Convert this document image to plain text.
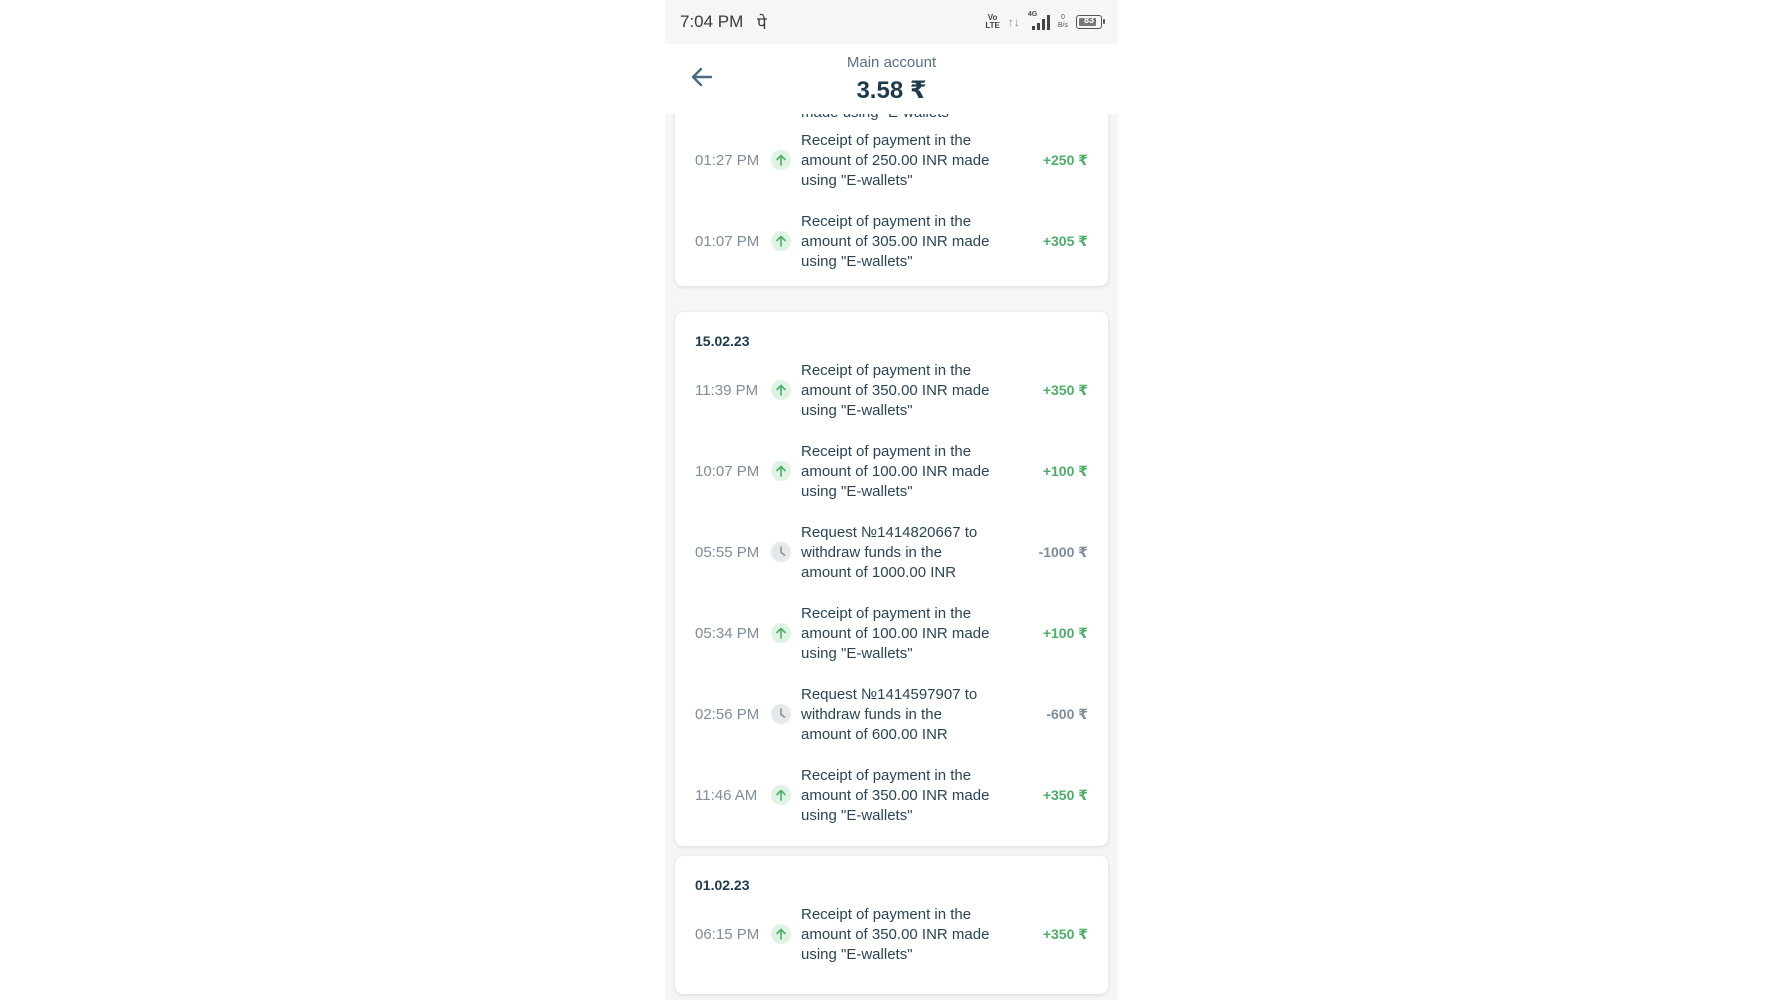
7:04 PM पे	Vo
LTE ↑↓
4G	0
B/s
83
Main account
3.58 ₹
01:27 PM
Receipt of payment in the amount of 250.00 INR made using "E-wallets"
+250 ₹
01:07 PM
Receipt of payment in the amount of 305.00 INR made using "E-wallets"
+305 ₹
15.02.23
11:39 PM
Receipt of payment in the amount of 350.00 INR made using "E-wallets"
+350 ₹
10:07 PM
Receipt of payment in the amount of 100.00 INR made using "E-wallets"
+100 ₹
05:55 PM
Request №1414820667 to withdraw funds in the amount of 1000.00 INR
-1000 ₹
05:34 PM
Receipt of payment in the amount of 100.00 INR made using "E-wallets"
+100 ₹
02:56 PM
Request №1414597907 to withdraw funds in the amount of 600.00 INR
-600 ₹
11:46 AM
Receipt of payment in the amount of 350.00 INR made using "E-wallets"
+350 ₹
01.02.23
06:15 PM
Receipt of payment in the amount of 350.00 INR made using "E-wallets"
+350 ₹
